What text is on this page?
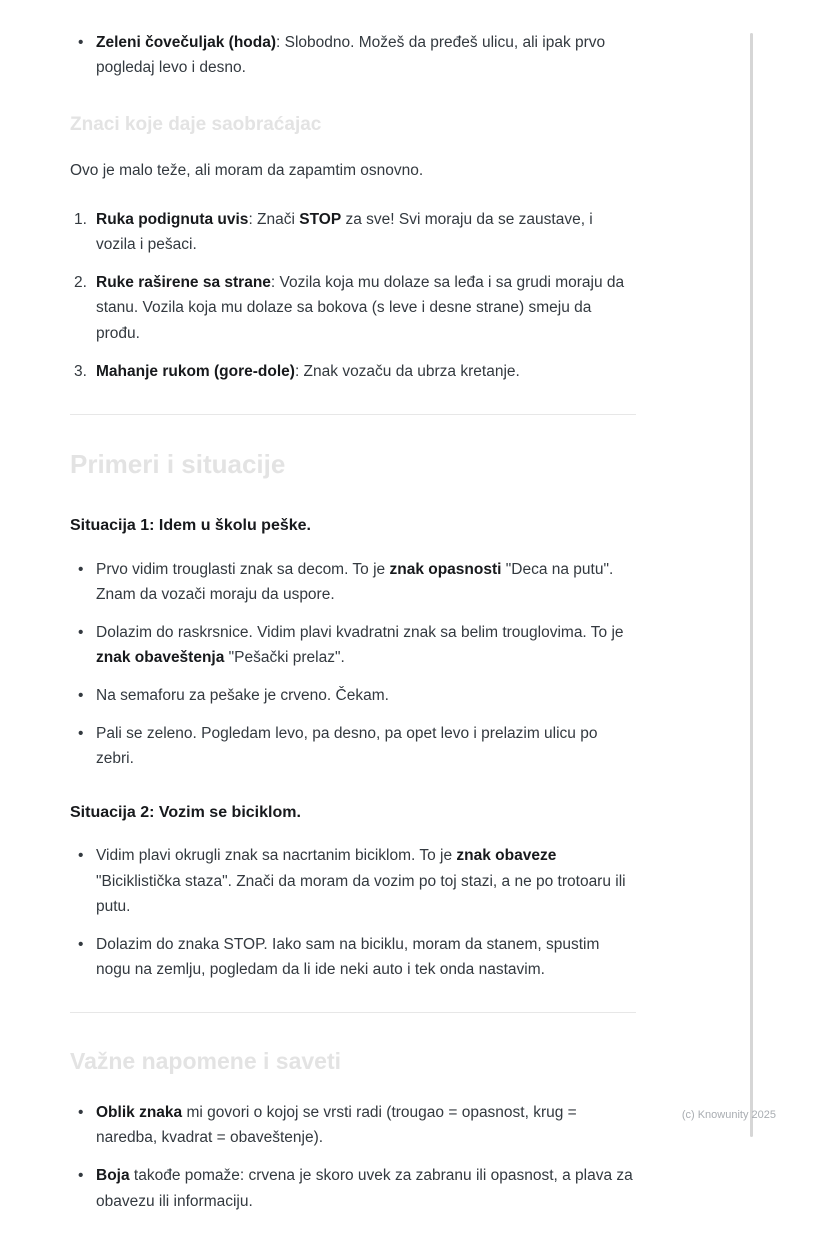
• Zeleni čovečuljak (hoda): Slobodno. Možeš da pređeš ulicu, ali ipak prvo pogledaj levo i desno.
Znaci koje daje saobraćajac

Ovo je malo teže, ali moram da zapamtim osnovno.

Ruka podignuta uvis: Znači STOP za sve! Svi moraju da se zaustave, i vozila i pešaci.
Ruke raširene sa strane: Vozila koja mu dolaze sa leđa i sa grudi moraju da stanu. Vozila koja mu dolaze sa bokova (s leve i desne strane) smeju da prođu.
Mahanje rukom (gore-dole): Znak vozaču da ubrza kretanje.
Primeri i situacije
Situacija 1: Idem u školu peške.
• Prvo vidim trouglasti znak sa decom. To je znak opasnosti "Deca na putu". Znam da vozači moraju da uspore.
• Dolazim do raskrsnice. Vidim plavi kvadratni znak sa belim trouglovima. To je znak obaveštenja "Pešački prelaz".
• Na semaforu za pešake je crveno. Čekam.
• Pali se zeleno. Pogledam levo, pa desno, pa opet levo i prelazim ulicu po zebri.
Situacija 2: Vozim se biciklom.
• Vidim plavi okrugli znak sa nacrtanim biciklom. To je znak obaveze "Biciklistička staza". Znači da moram da vozim po toj stazi, a ne po trotoaru ili putu.
• Dolazim do znaka STOP. Iako sam na biciklu, moram da stanem, spustim nogu na zemlju, pogledam da li ide neki auto i tek onda nastavim.
Važne napomene i saveti
• Oblik znaka mi govori o kojoj se vrsti radi (trougao = opasnost, krug = naredba, kvadrat = obaveštenje).
• Boja takođe pomaže: crvena je skoro uvek za zabranu ili opasnost, a plava za obavezu ili informaciju.
(c) Knowunity 2025
